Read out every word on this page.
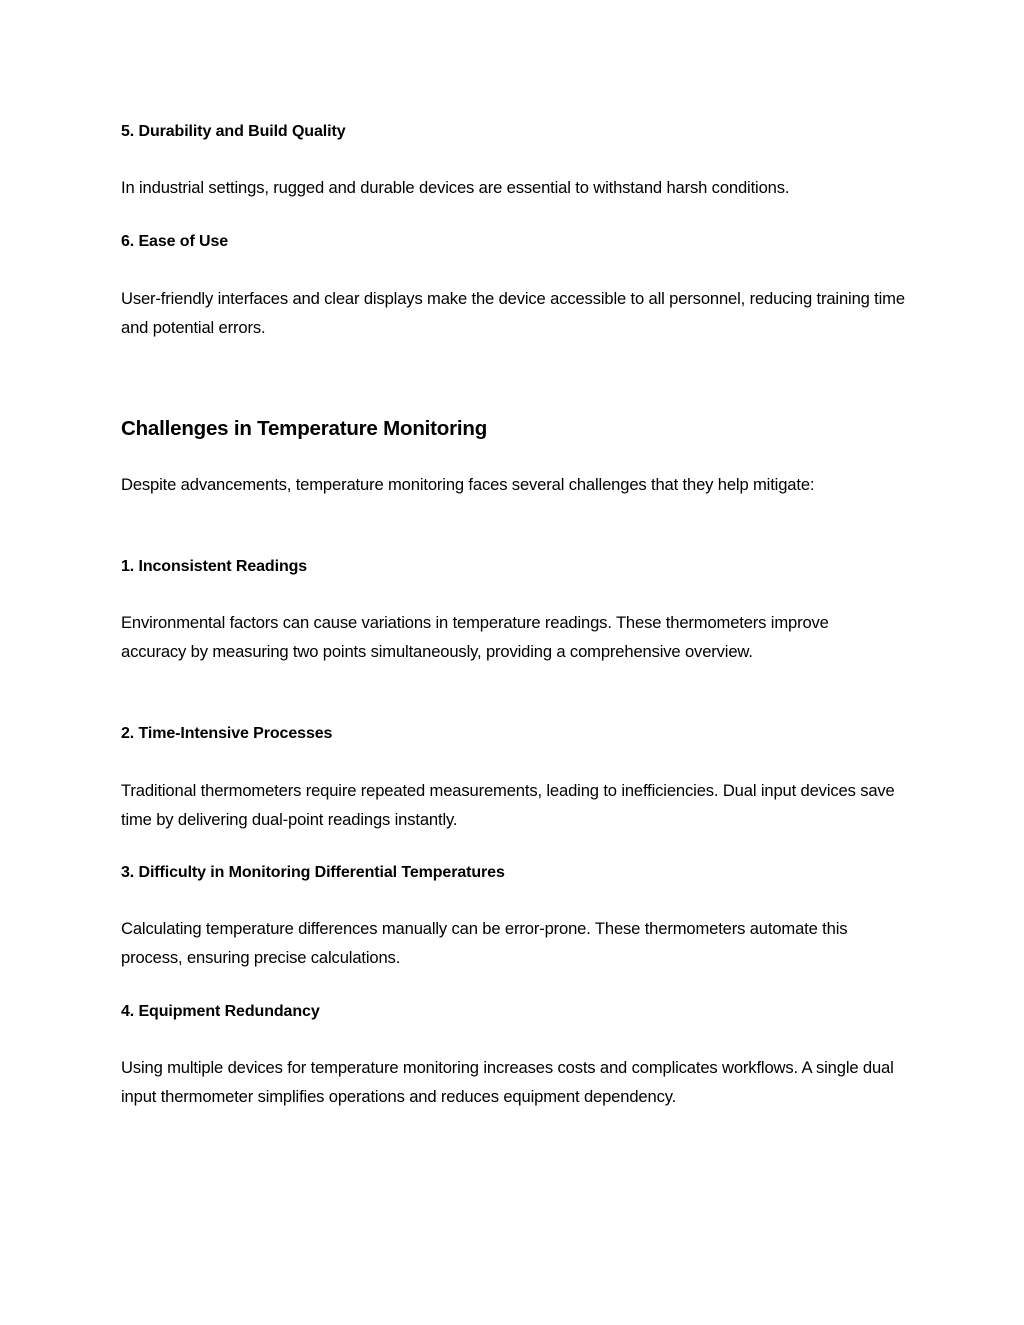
5. Durability and Build Quality

In industrial settings, rugged and durable devices are essential to withstand harsh conditions.

6. Ease of Use

User-friendly interfaces and clear displays make the device accessible to all personnel, reducing training time and potential errors.

Challenges in Temperature Monitoring

Despite advancements, temperature monitoring faces several challenges that they help mitigate:

1. Inconsistent Readings

Environmental factors can cause variations in temperature readings. These thermometers improve accuracy by measuring two points simultaneously, providing a comprehensive overview.

2. Time-Intensive Processes

Traditional thermometers require repeated measurements, leading to inefficiencies. Dual input devices save time by delivering dual-point readings instantly.

3. Difficulty in Monitoring Differential Temperatures

Calculating temperature differences manually can be error-prone. These thermometers automate this process, ensuring precise calculations.

4. Equipment Redundancy

Using multiple devices for temperature monitoring increases costs and complicates workflows. A single dual input thermometer simplifies operations and reduces equipment dependency.
